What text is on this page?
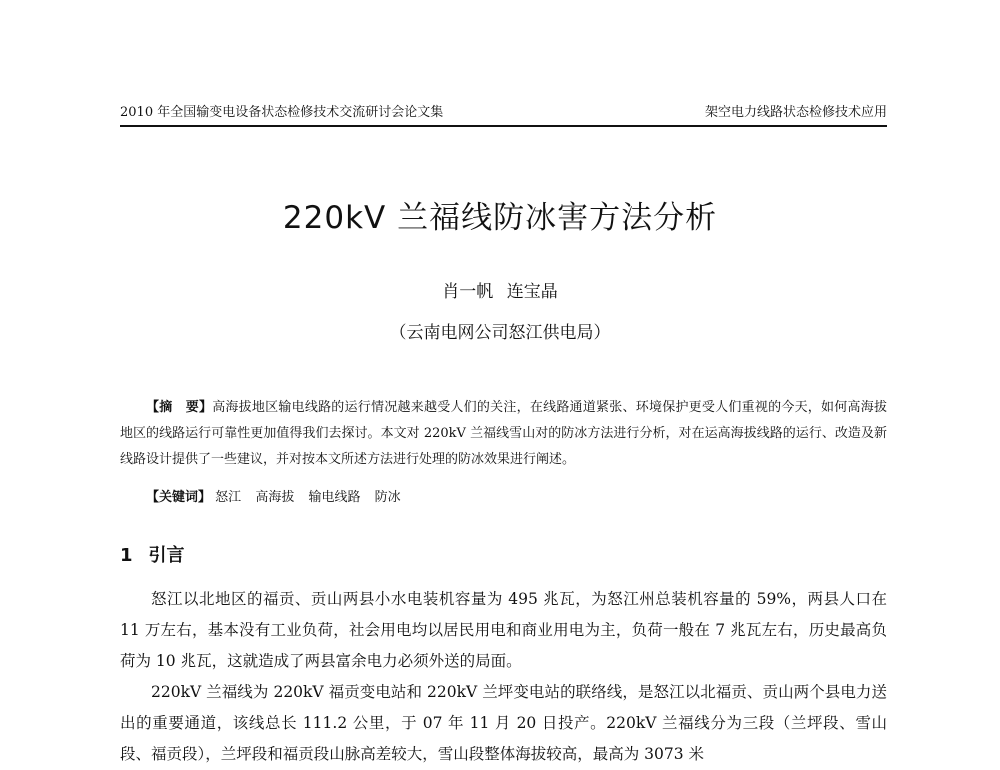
2010 年全国输变电设备状态检修技术交流研讨会论文集	架空电力线路状态检修技术应用
220kV 兰福线防冰害方法分析
肖一帆 连宝晶
（云南电网公司怒江供电局）

【摘　要】高海拔地区输电线路的运行情况越来越受人们的关注，在线路通道紧张、环境保护更受人们重视的今天，如何高海拔地区的线路运行可靠性更加值得我们去探讨。本文对 220kV 兰福线雪山对的防冰方法进行分析，对在运高海拔线路的运行、改造及新线路设计提供了一些建议，并对按本文所述方法进行处理的防冰效果进行阐述。

【关键词】 怒江 高海拔 输电线路 防冰
1 引言

怒江以北地区的福贡、贡山两县小水电装机容量为 495 兆瓦，为怒江州总装机容量的 59%，两县人口在 11 万左右，基本没有工业负荷，社会用电均以居民用电和商业用电为主，负荷一般在 7 兆瓦左右，历史最高负荷为 10 兆瓦，这就造成了两县富余电力必须外送的局面。

220kV 兰福线为 220kV 福贡变电站和 220kV 兰坪变电站的联络线，是怒江以北福贡、贡山两个县电力送出的重要通道，该线总长 111.2 公里，于 07 年 11 月 20 日投产。220kV 兰福线分为三段（兰坪段、雪山段、福贡段），兰坪段和福贡段山脉高差较大，雪山段整体海拔较高，最高为 3073 米
